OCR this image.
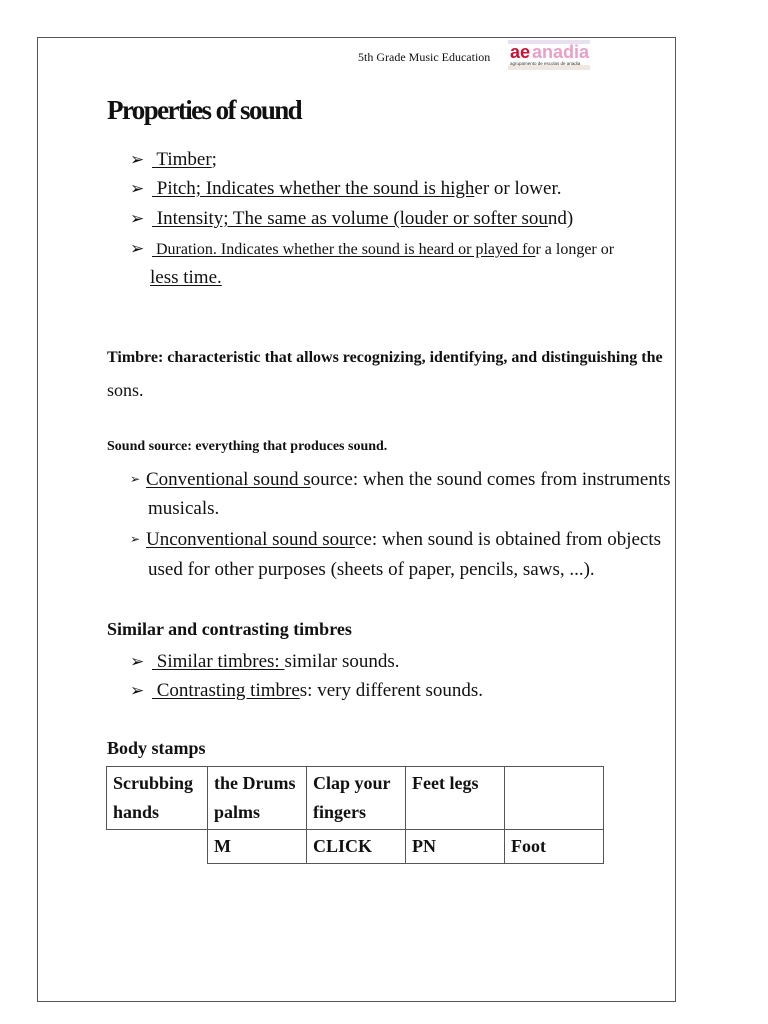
5th Grade Music Education ae anadia
agrupamento de escolas de anadia
Properties of sound
➢ Timber;
➢ Pitch; Indicates whether the sound is higher or lower.
➢ Intensity; The same as volume (louder or softer sound)
➢ Duration. Indicates whether the sound is heard or played for a longer or
less time.
Timbre: characteristic that allows recognizing, identifying, and distinguishing the
sons.
Sound source: everything that produces sound.
➢ Conventional sound source: when the sound comes from instruments
musicals.
➢ Unconventional sound source: when sound is obtained from objects
used for other purposes (sheets of paper, pencils, saws, ...).
Similar and contrasting timbres
➢ Similar timbres: similar sounds.
➢ Contrasting timbres: very different sounds.
Body stamps
Scrubbing hands	the Drums palms	Clap your fingers	Feet legs	
	M	CLICK	PN	Foot
